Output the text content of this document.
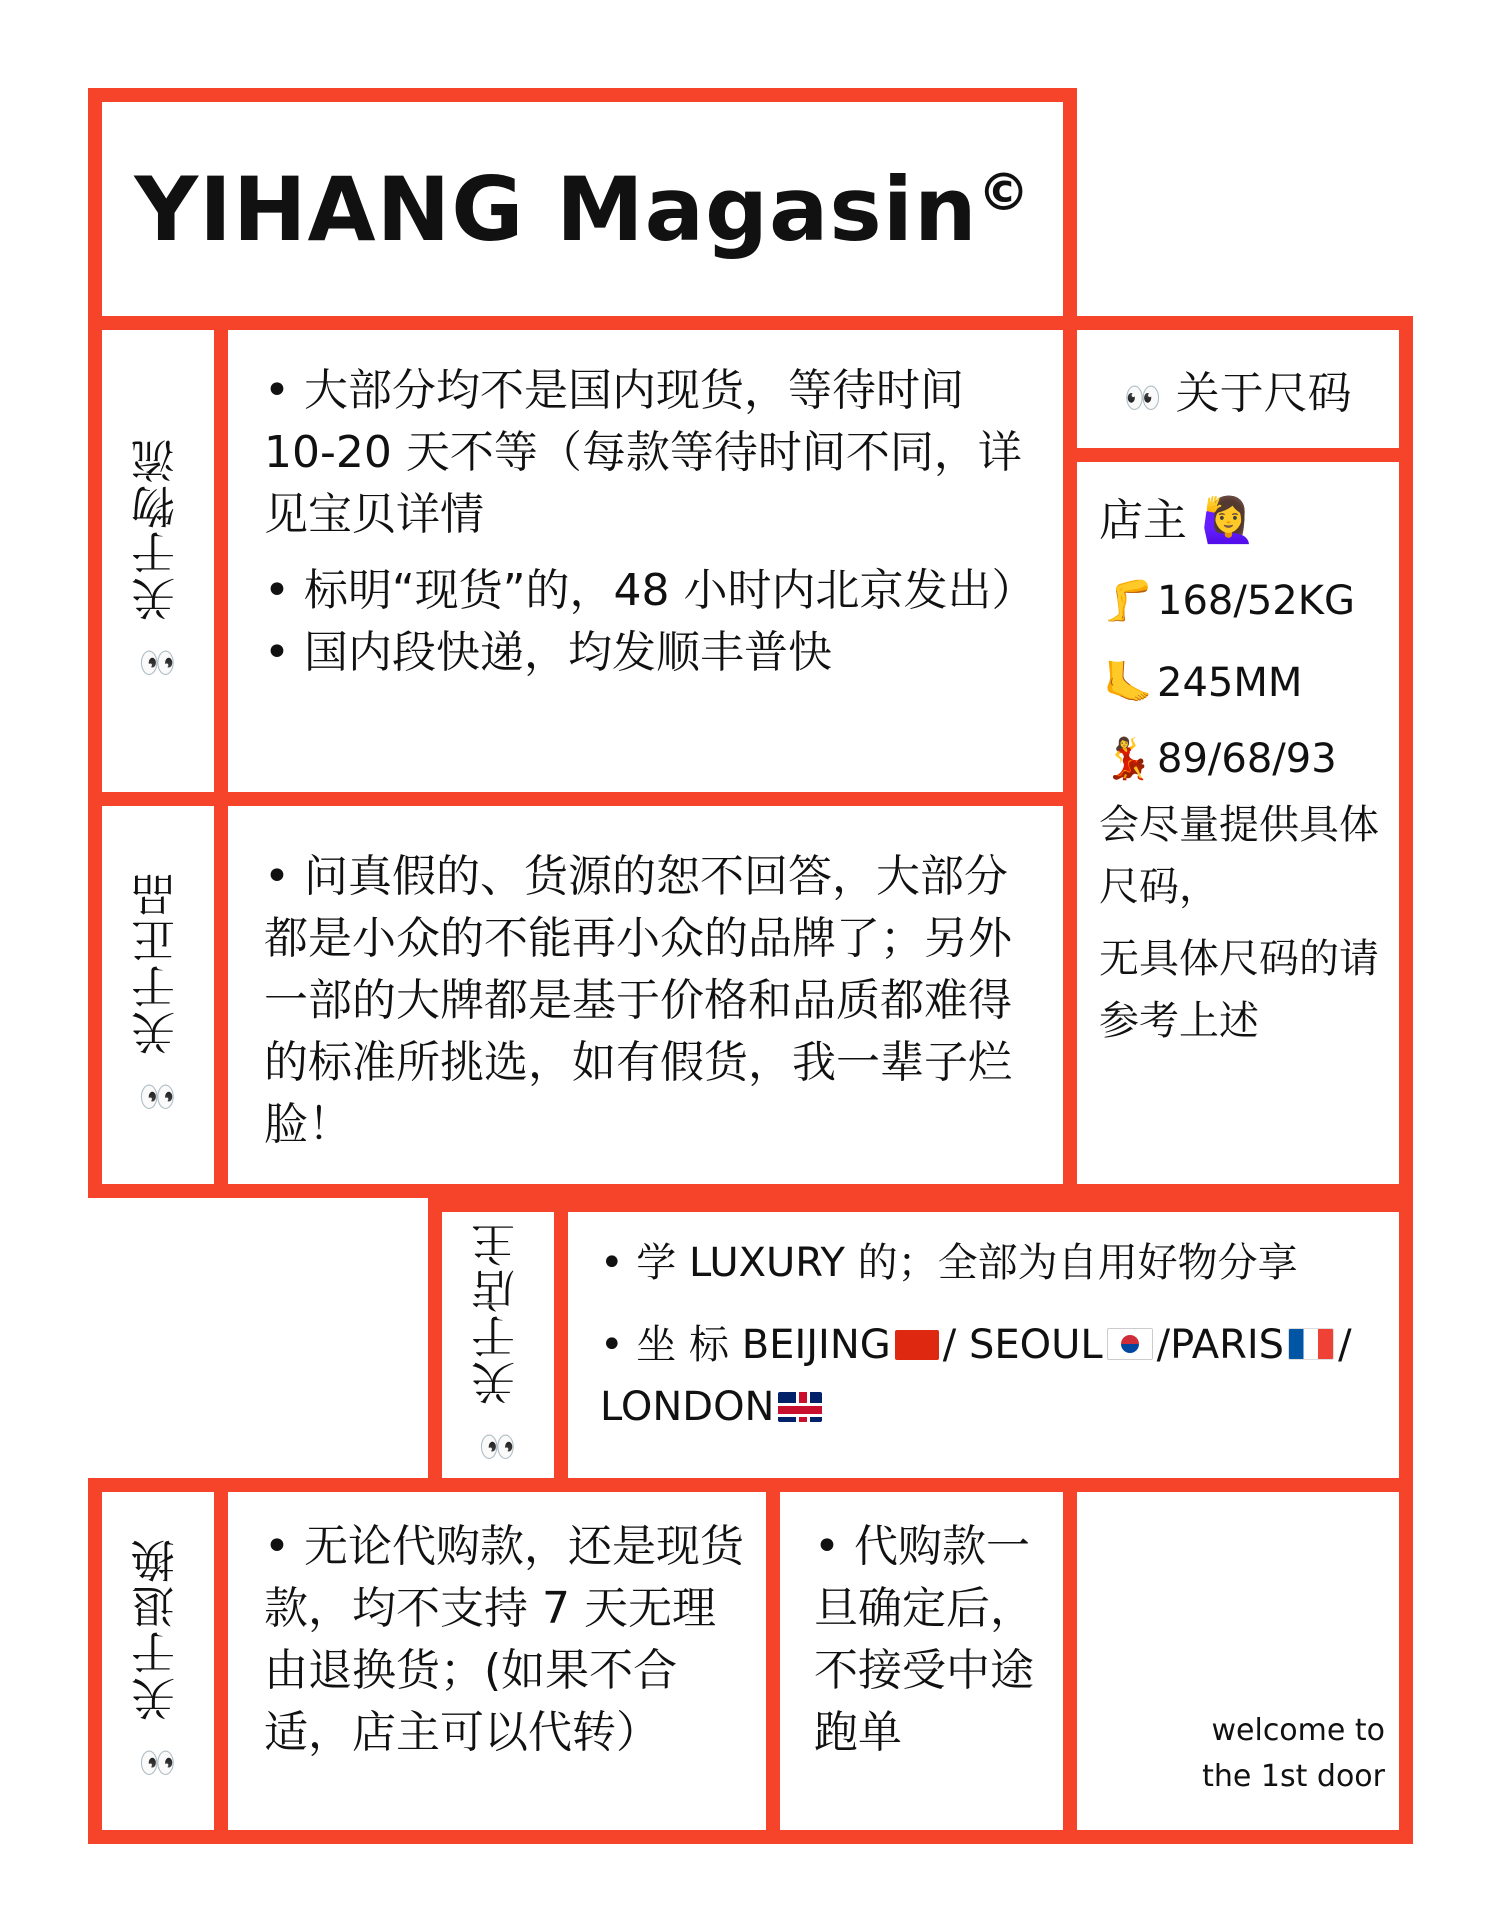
YIHANG Magasin©
👀 关于物流

• 大部分均不是国内现货，等待时间 10-20 天不等（每款等待时间不同，详见宝贝详情

• 标明“现货”的，48 小时内北京发出）

• 国内段快递，均发顺丰普快

👀 关于正品 • 问真假的、货源的恕不回答，大部分都是小众的不能再小众的品牌了；另外一部的大牌都是基于价格和品质都难得的标准所挑选，如有假货，我一辈子烂脸！

👀 关于尺码

店主 🙋‍♀️

🦵 168/52KG

🦶 245MM

💃 89/68/93

会尽量提供具体尺码，

无具体尺码的请参考上述

👀 关于店主 • 学 LUXURY 的；全部为自用好物分享

• 坐 标 BEIJING / SEOUL /PARIS / LONDON

👀 关于退换 • 无论代购款，还是现货款，均不支持 7 天无理由退换货；(如果不合适，店主可以代转）

• 代购款一旦确定后，不接受中途跑单	welcome to
the 1st door
